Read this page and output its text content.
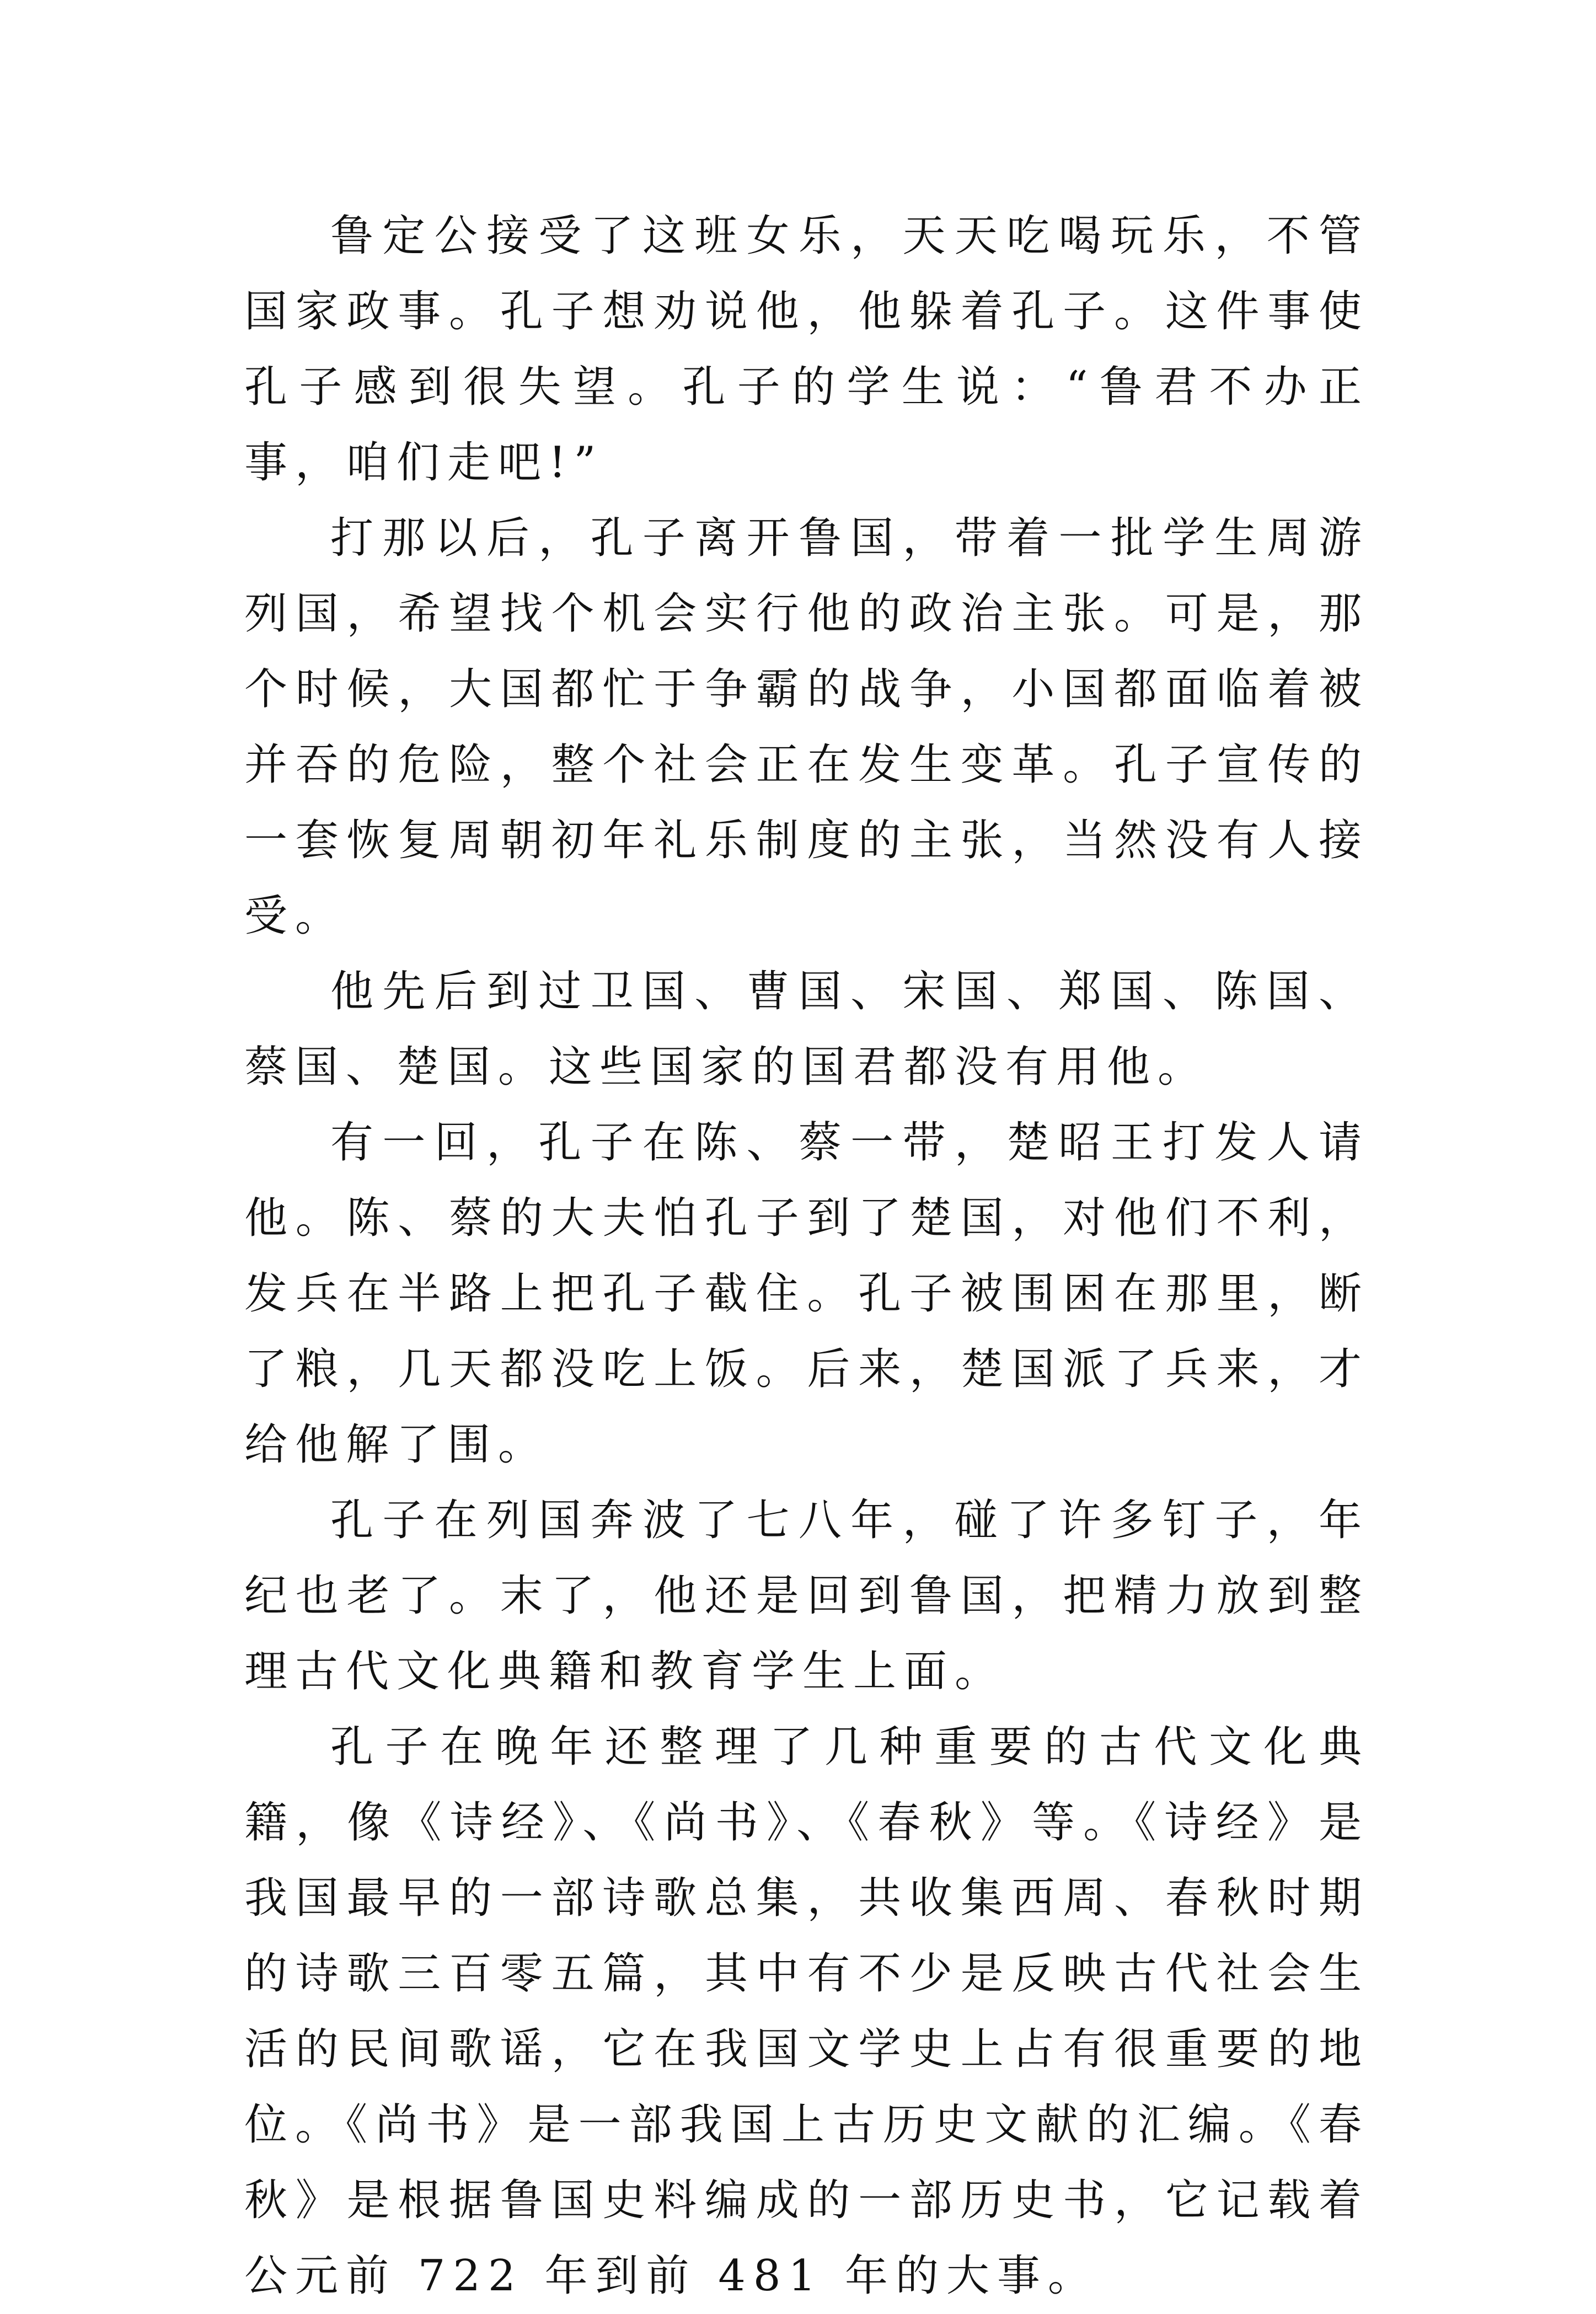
鲁定公接受了这班女乐，天天吃喝玩乐，不管国家政事。孔子想劝说他，他躲着孔子。这件事使孔子感到很失望。孔子的学生说：“鲁君不办正事，咱们走吧!”

打那以后，孔子离开鲁国，带着一批学生周游列国，希望找个机会实行他的政治主张。可是，那个时候，大国都忙于争霸的战争，小国都面临着被并吞的危险，整个社会正在发生变革。孔子宣传的一套恢复周朝初年礼乐制度的主张，当然没有人接受。

他先后到过卫国、曹国、宋国、郑国、陈国、蔡国、楚国。这些国家的国君都没有用他。

有一回，孔子在陈、蔡一带，楚昭王打发人请他。陈、蔡的大夫怕孔子到了楚国，对他们不利，发兵在半路上把孔子截住。孔子被围困在那里，断了粮，几天都没吃上饭。后来，楚国派了兵来，才给他解了围。

孔子在列国奔波了七八年，碰了许多钉子，年纪也老了。末了，他还是回到鲁国，把精力放到整理古代文化典籍和教育学生上面。

孔子在晚年还整理了几种重要的古代文化典籍，像《诗经》、《尚书》、《春秋》等。《诗经》是我国最早的一部诗歌总集，共收集西周、春秋时期的诗歌三百零五篇，其中有不少是反映古代社会生活的民间歌谣，它在我国文学史上占有很重要的地位。《尚书》是一部我国上古历史文献的汇编。《春秋》是根据鲁国史料编成的一部历史书，它记载着公元前 722 年到前 481 年的大事。
